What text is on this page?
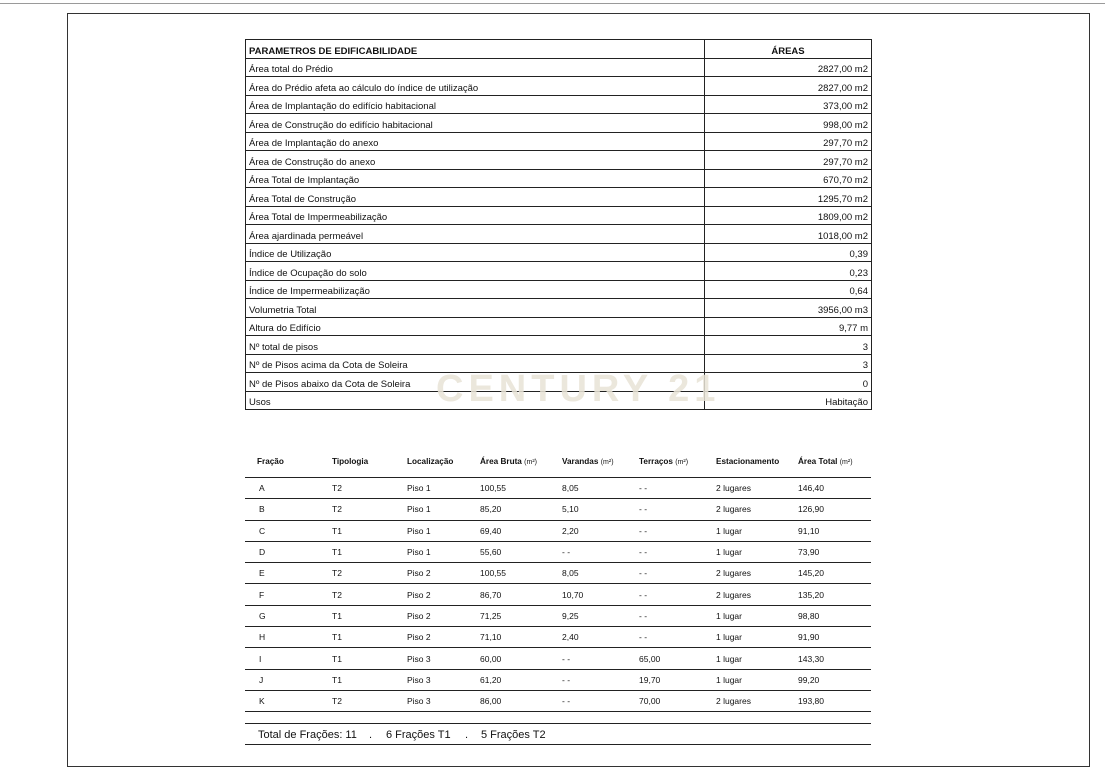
PARAMETROS DE EDIFICABILIDADE	ÁREAS
Área total do Prédio	2827,00 m2
Área do Prédio afeta ao cálculo do índice de utilização	2827,00 m2
Área de Implantação do edifício habitacional	373,00 m2
Área de Construção do edifício habitacional	998,00 m2
Área de Implantação do anexo	297,70 m2
Área de Construção do anexo	297,70 m2
Área Total de Implantação	670,70 m2
Área Total de Construção	1295,70 m2
Área Total de Impermeabilização	1809,00 m2
Área ajardinada permeável	1018,00 m2
Índice de Utilização	0,39
Índice de Ocupação do solo	0,23
Índice de Impermeabilização	0,64
Volumetria Total	3956,00 m3
Altura do Edifício	9,77 m
Nº total de pisos	3
Nº de Pisos acima da Cota de Soleira	3
Nº de Pisos abaixo da Cota de Soleira	0
Usos	Habitação
Fração	Tipologia	Localização	Área Bruta (m²)	Varandas (m²)	Terraços (m²)	Estacionamento	Área Total (m²)
A	T2	Piso 1	100,55	8,05	- -	2 lugares	146,40
B	T2	Piso 1	85,20	5,10	- -	2 lugares	126,90
C	T1	Piso 1	69,40	2,20	- -	1 lugar	91,10
D	T1	Piso 1	55,60	- -	- -	1 lugar	73,90
E	T2	Piso 2	100,55	8,05	- -	2 lugares	145,20
F	T2	Piso 2	86,70	10,70	- -	2 lugares	135,20
G	T1	Piso 2	71,25	9,25	- -	1 lugar	98,80
H	T1	Piso 2	71,10	2,40	- -	1 lugar	91,90
I	T1	Piso 3	60,00	- -	65,00	1 lugar	143,30
J	T1	Piso 3	61,20	- -	19,70	1 lugar	99,20
K	T2	Piso 3	86,00	- -	70,00	2 lugares	193,80
Total de Frações: 11 . 6 Frações T1 . 5 Frações T2
CENTURY 21
